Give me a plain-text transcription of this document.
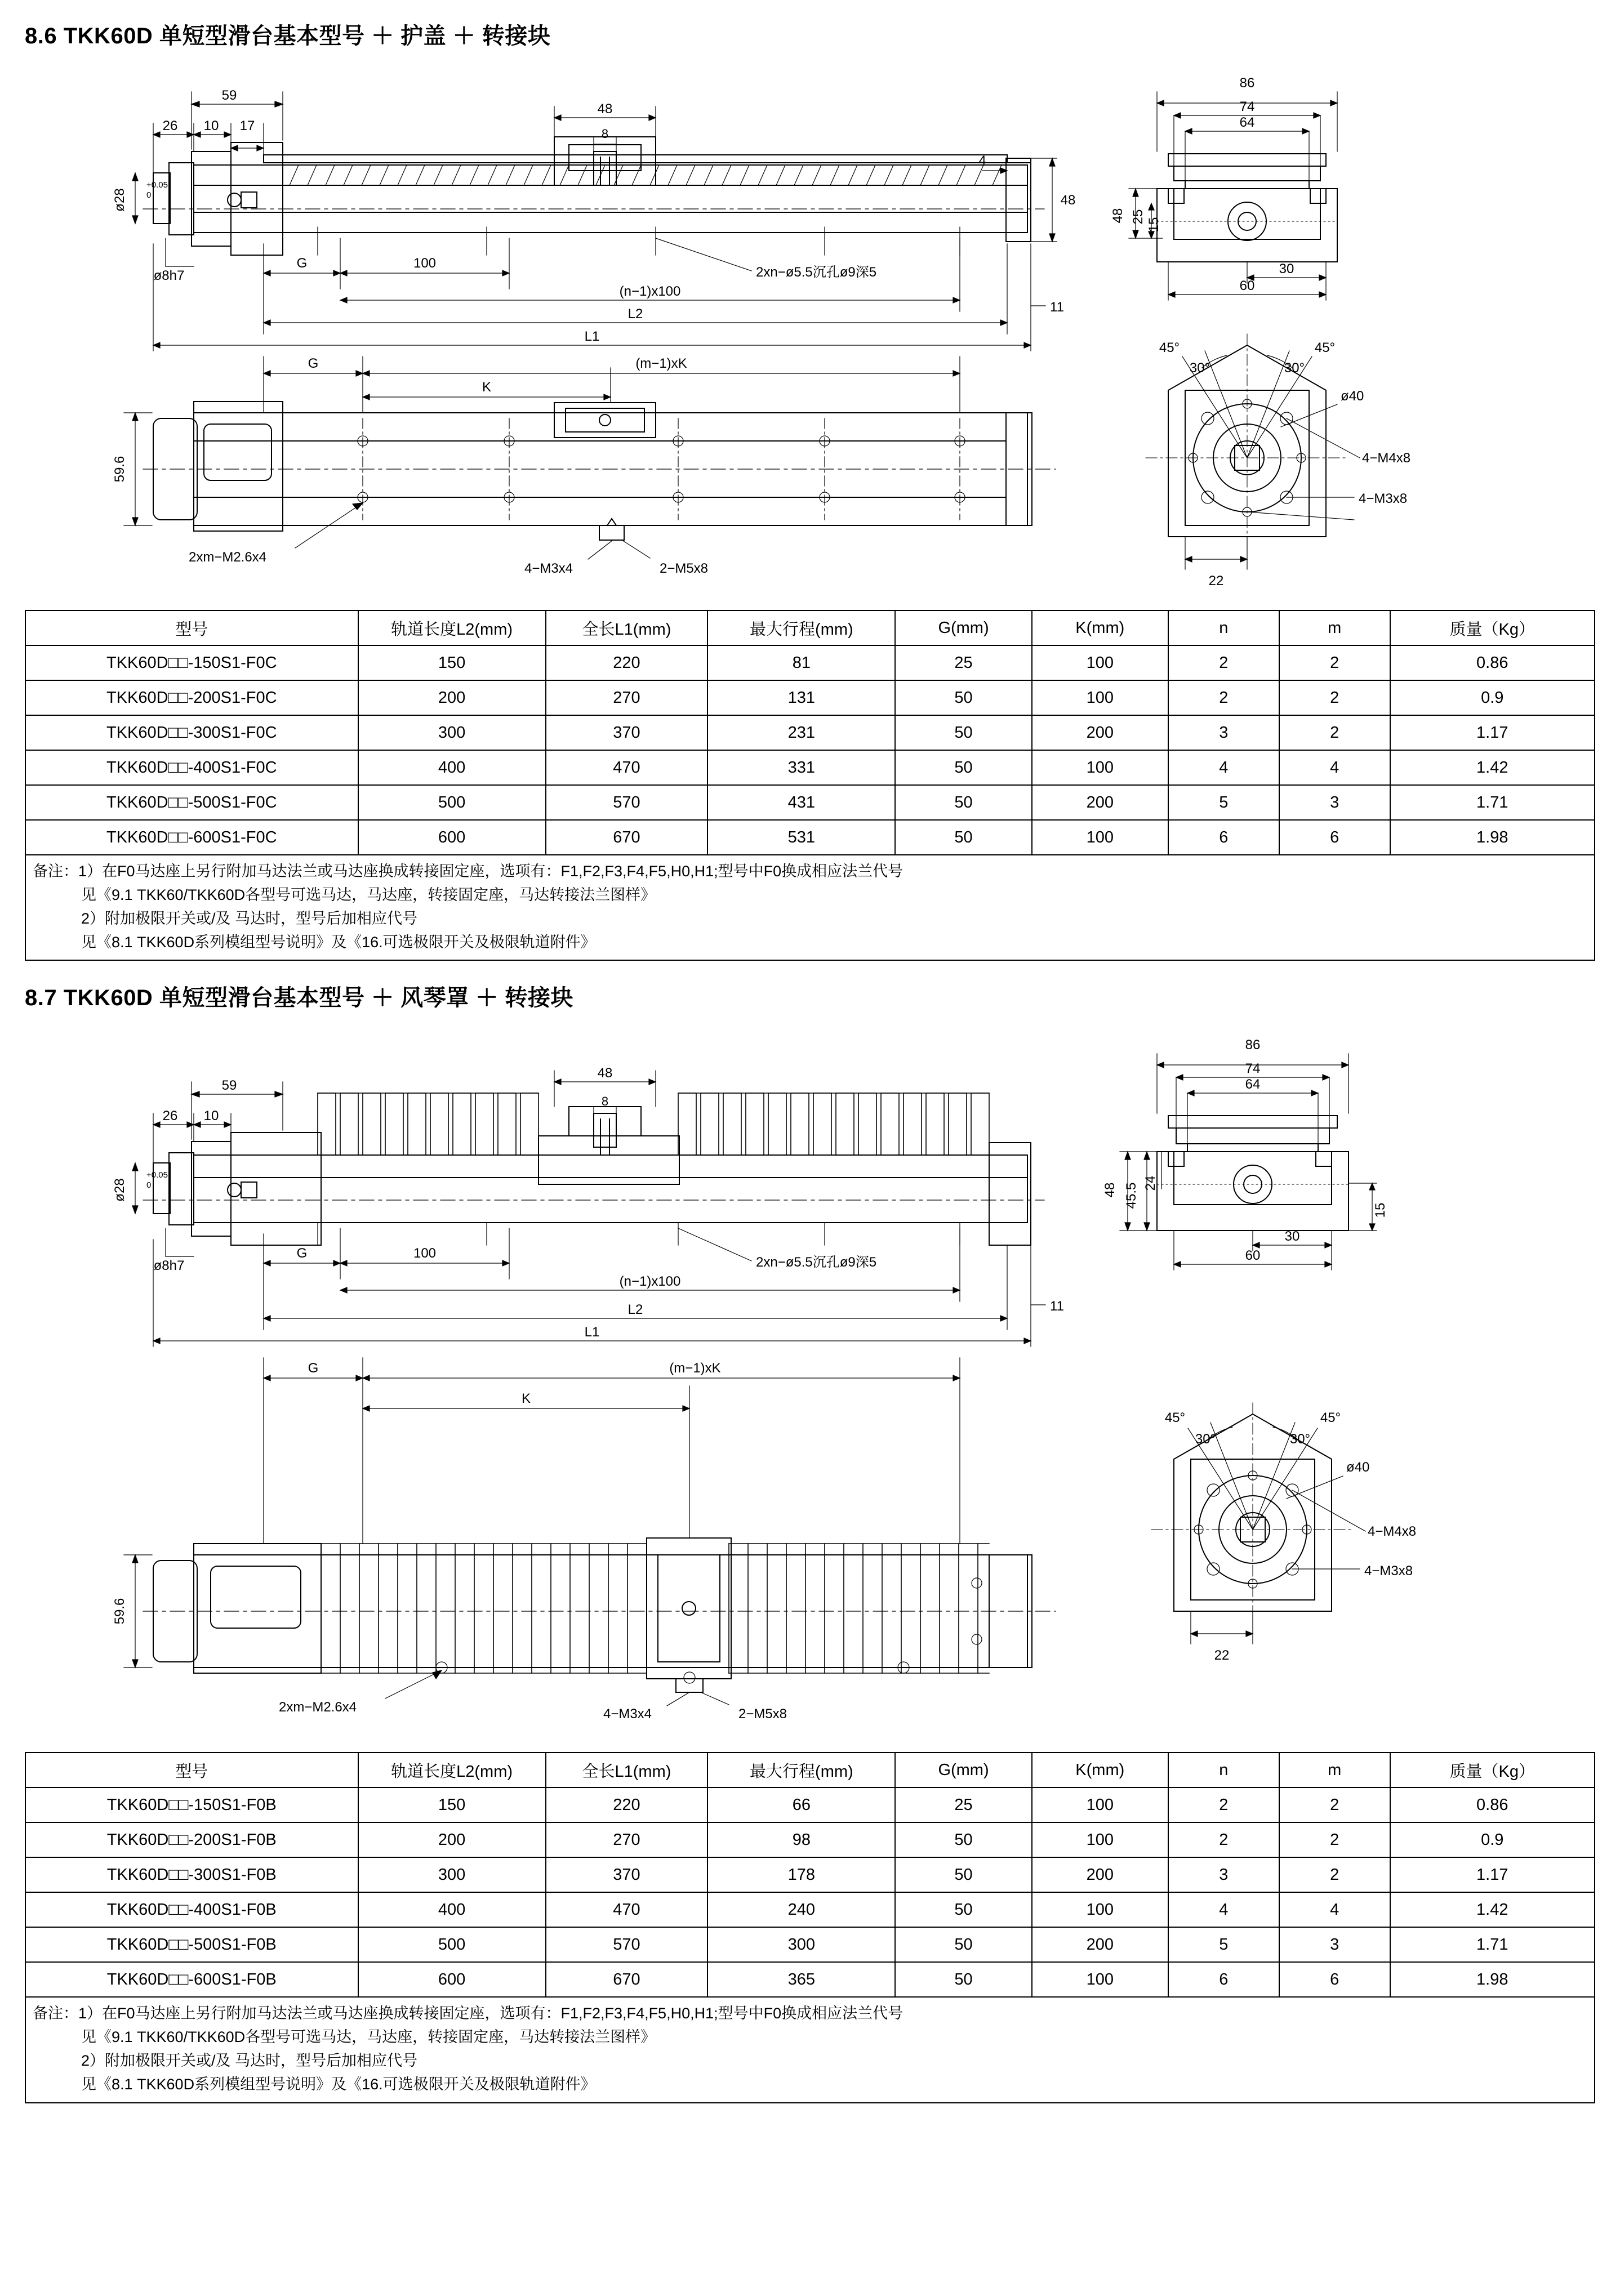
8.6 TKK60D 单短型滑台基本型号 ＋ 护盖 ＋ 转接块
59
26 10 17
48
8
4
48
ø28
+0.05
0
ø8h7
G	100
(n−1)x100
2xn−ø5.5沉孔ø9深5
L2
L1
11
G	(m−1)xK
K
59.6
2xm−M2.6x4
4−M3x4	2−M5x8
86
74
64
48 25
15
30
60
45°	45°
30°	30°
ø40
4−M4x8
4−M3x8
22
型号	轨道长度L2(mm)	全长L1(mm)	最大行程(mm)	G(mm)	K(mm)	n	m	质量（Kg）
TKK60D□□-150S1-F0C	150	220	81	25	100	2	2	0.86
TKK60D□□-200S1-F0C	200	270	131	50	100	2	2	0.9
TKK60D□□-300S1-F0C	300	370	231	50	200	3	2	1.17
TKK60D□□-400S1-F0C	400	470	331	50	100	4	4	1.42
TKK60D□□-500S1-F0C	500	570	431	50	200	5	3	1.71
TKK60D□□-600S1-F0C	600	670	531	50	100	6	6	1.98
备注：1）在F0马达座上另行附加马达法兰或马达座换成转接固定座，选项有：F1,F2,F3,F4,F5,H0,H1;型号中F0换成相应法兰代号
见《9.1 TKK60/TKK60D各型号可选马达，马达座，转接固定座，马达转接法兰图样》
2）附加极限开关或/及 马达时，型号后加相应代号
见《8.1 TKK60D系列模组型号说明》及《16.可选极限开关及极限轨道附件》
8.7 TKK60D 单短型滑台基本型号 ＋ 风琴罩 ＋ 转接块
59
26 10
48
8
ø28
+0.05
0
ø8h7
G	100
(n−1)x100
2xn−ø5.5沉孔ø9深5
L2
L1
11
G	(m−1)xK
K
59.6
2xm−M2.6x4	4−M3x4	2−M5x8
86
74
64
48 45.5 24
30
60
15
45°	45°
30°	30°
ø40
4−M4x8
4−M3x8
22
型号	轨道长度L2(mm)	全长L1(mm)	最大行程(mm)	G(mm)	K(mm)	n	m	质量（Kg）
TKK60D□□-150S1-F0B	150	220	66	25	100	2	2	0.86
TKK60D□□-200S1-F0B	200	270	98	50	100	2	2	0.9
TKK60D□□-300S1-F0B	300	370	178	50	200	3	2	1.17
TKK60D□□-400S1-F0B	400	470	240	50	100	4	4	1.42
TKK60D□□-500S1-F0B	500	570	300	50	200	5	3	1.71
TKK60D□□-600S1-F0B	600	670	365	50	100	6	6	1.98
备注：1）在F0马达座上另行附加马达法兰或马达座换成转接固定座，选项有：F1,F2,F3,F4,F5,H0,H1;型号中F0换成相应法兰代号
见《9.1 TKK60/TKK60D各型号可选马达，马达座，转接固定座，马达转接法兰图样》
2）附加极限开关或/及 马达时，型号后加相应代号
见《8.1 TKK60D系列模组型号说明》及《16.可选极限开关及极限轨道附件》
